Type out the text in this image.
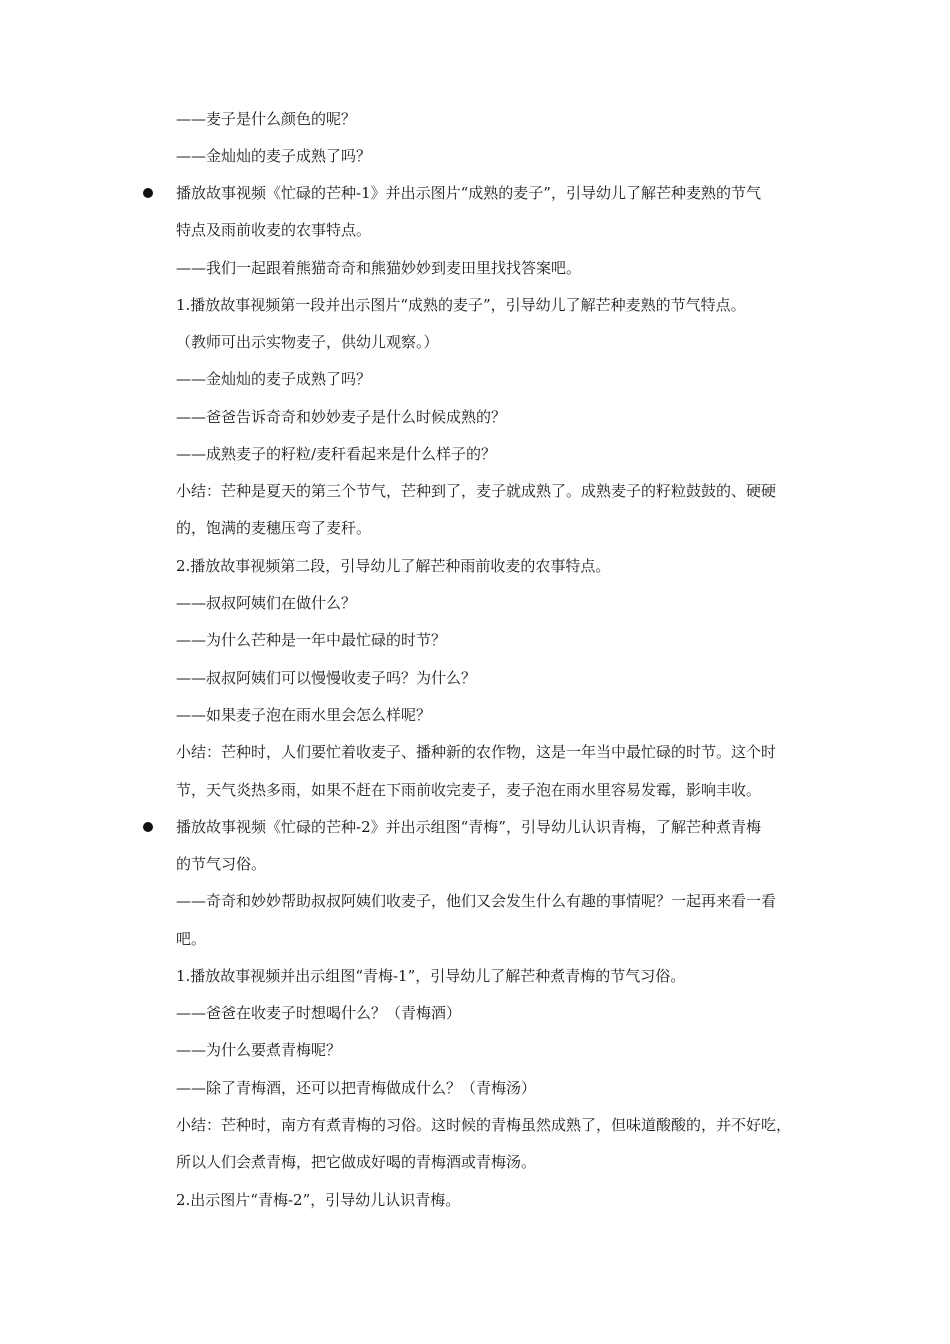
——麦子是什么颜色的呢？
——金灿灿的麦子成熟了吗？
播放故事视频《忙碌的芒种-1》并出示图片“成熟的麦子”，引导幼儿了解芒种麦熟的节气
特点及雨前收麦的农事特点。
——我们一起跟着熊猫奇奇和熊猫妙妙到麦田里找找答案吧。
1.播放故事视频第一段并出示图片“成熟的麦子”，引导幼儿了解芒种麦熟的节气特点。
（教师可出示实物麦子，供幼儿观察。）
——金灿灿的麦子成熟了吗？
——爸爸告诉奇奇和妙妙麦子是什么时候成熟的？
——成熟麦子的籽粒/麦秆看起来是什么样子的？
小结：芒种是夏天的第三个节气，芒种到了，麦子就成熟了。成熟麦子的籽粒鼓鼓的、硬硬
的，饱满的麦穗压弯了麦秆。
2.播放故事视频第二段，引导幼儿了解芒种雨前收麦的农事特点。
——叔叔阿姨们在做什么？
——为什么芒种是一年中最忙碌的时节？
——叔叔阿姨们可以慢慢收麦子吗？为什么？
——如果麦子泡在雨水里会怎么样呢？
小结：芒种时，人们要忙着收麦子、播种新的农作物，这是一年当中最忙碌的时节。这个时
节，天气炎热多雨，如果不赶在下雨前收完麦子，麦子泡在雨水里容易发霉，影响丰收。
播放故事视频《忙碌的芒种-2》并出示组图“青梅”，引导幼儿认识青梅，了解芒种煮青梅
的节气习俗。
——奇奇和妙妙帮助叔叔阿姨们收麦子，他们又会发生什么有趣的事情呢？一起再来看一看
吧。
1.播放故事视频并出示组图“青梅-1”，引导幼儿了解芒种煮青梅的节气习俗。
——爸爸在收麦子时想喝什么？（青梅酒）
——为什么要煮青梅呢？
——除了青梅酒，还可以把青梅做成什么？（青梅汤）
小结：芒种时，南方有煮青梅的习俗。这时候的青梅虽然成熟了，但味道酸酸的，并不好吃，
所以人们会煮青梅，把它做成好喝的青梅酒或青梅汤。
2.出示图片“青梅-2”，引导幼儿认识青梅。
